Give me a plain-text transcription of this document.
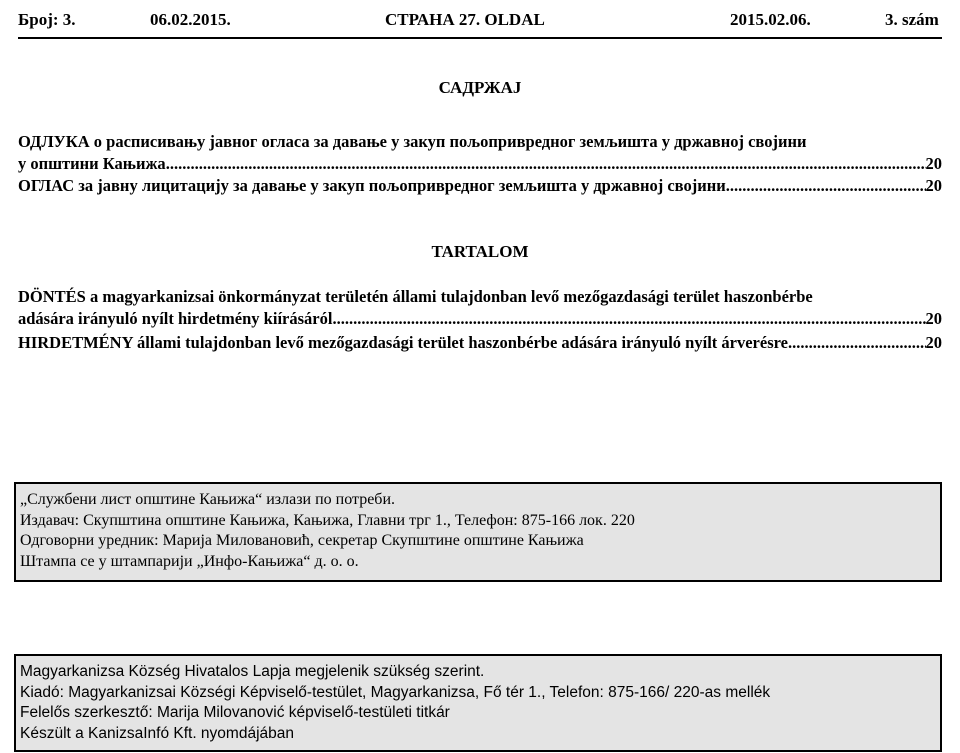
Број: 3.	06.02.2015.	СТРАНА 27. OLDAL	2015.02.06.	3. szám
САДРЖАЈ
ОДЛУКА о расписивању јавног огласа за давање у закуп пољопривредног земљишта у државној својини
у општини Кањижа .....	20
ОГЛАС за јавну лицитацију за давање у закуп пољопривредног земљишта у државној својини .....	20
TARTALOM
DÖNTÉS a magyarkanizsai önkormányzat területén állami tulajdonban levő mezőgazdasági terület haszonbérbe
adására irányuló nyílt hirdetmény kiírásáról .....	20
HIRDETMÉNY állami tulajdonban levő mezőgazdasági terület haszonbérbe adására irányuló nyílt árverésre .....	20
„Службени лист општине Кањижа“ излази по потреби.
Издавач: Скупштина општине Кањижа, Кањижа, Главни трг 1., Телефон: 875-166 лок. 220
Одговорни уредник: Марија Миловановић, секретар Скупштине општине Кањижа
Штампа се у штампарији „Инфо-Кањижа“ д. о. о.
Magyarkanizsa Község Hivatalos Lapja megjelenik szükség szerint.
Kiadó: Magyarkanizsai Községi Képviselő-testület, Magyarkanizsa, Fő tér 1., Telefon: 875-166/ 220-as mellék
Felelős szerkesztő: Marija Milovanović képviselő-testületi titkár
Készült a KanizsaInfó Kft. nyomdájában
